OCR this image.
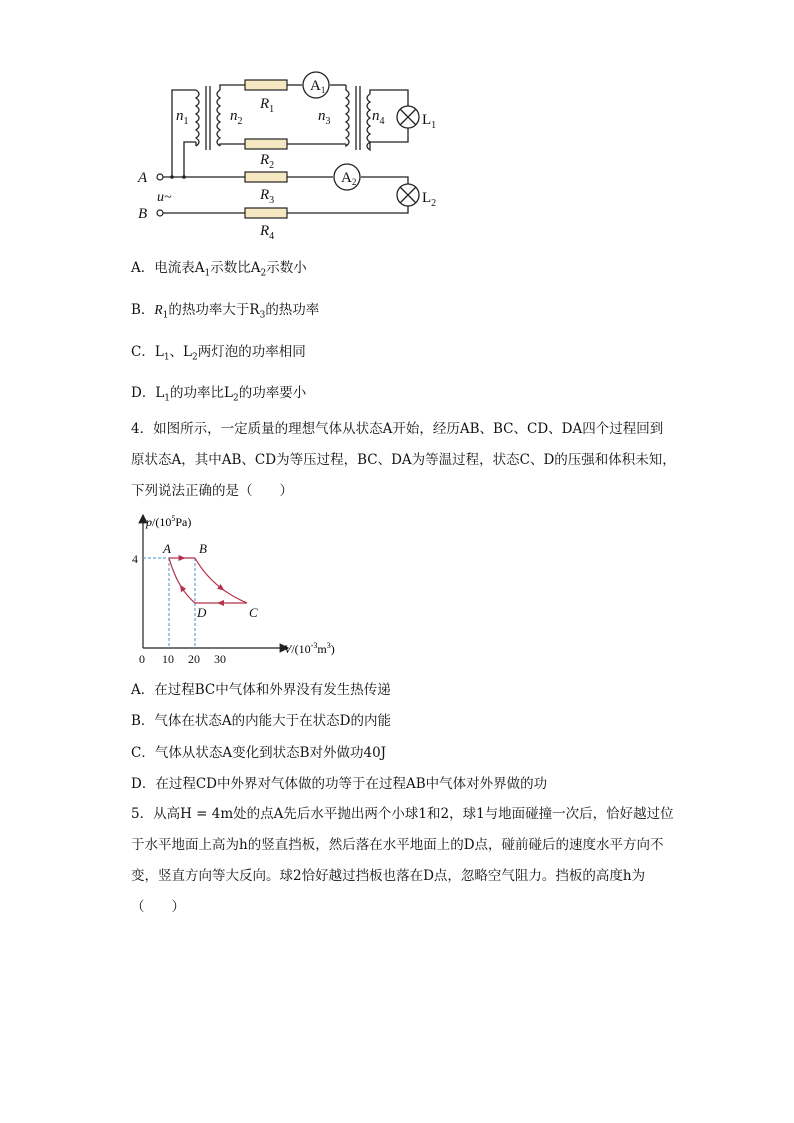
$n_1$	$n_2$	$n_3$	$n_4$
$R_1$
$R_2$
$R_3$
$R_4$
$A_1$
$A_2$
$L_1$
$L_2$
A
B
u~
A．电流表$A_1$示数比$A_2$示数小
B．$R_1$的热功率大于$R_3$的热功率
C．$L_1$、$L_2$两灯泡的功率相同
D．$L_1$的功率比$L_2$的功率要小
4．如图所示，一定质量的理想气体从状态A开始，经历AB、BC、CD、DA四个过程回到原状态A，其中AB、CD为等压过程，BC、DA为等温过程，状态C、D的压强和体积未知，下列说法正确的是（　　）
A B
C
D
0 10 20 30
4
$p/(10^5Pa)$
$V/(10^{-3}m^3)$
A．在过程BC中气体和外界没有发生热传递
B．气体在状态A的内能大于在状态D的内能
C．气体从状态A变化到状态B对外做功40J
D．在过程CD中外界对气体做的功等于在过程AB中气体对外界做的功
5．从高H = 4m处的点A先后水平抛出两个小球1和2，球1与地面碰撞一次后，恰好越过位于水平地面上高为h的竖直挡板，然后落在水平地面上的D点，碰前碰后的速度水平方向不变，竖直方向等大反向。球2恰好越过挡板也落在D点，忽略空气阻力。挡板的高度h为（　　）
